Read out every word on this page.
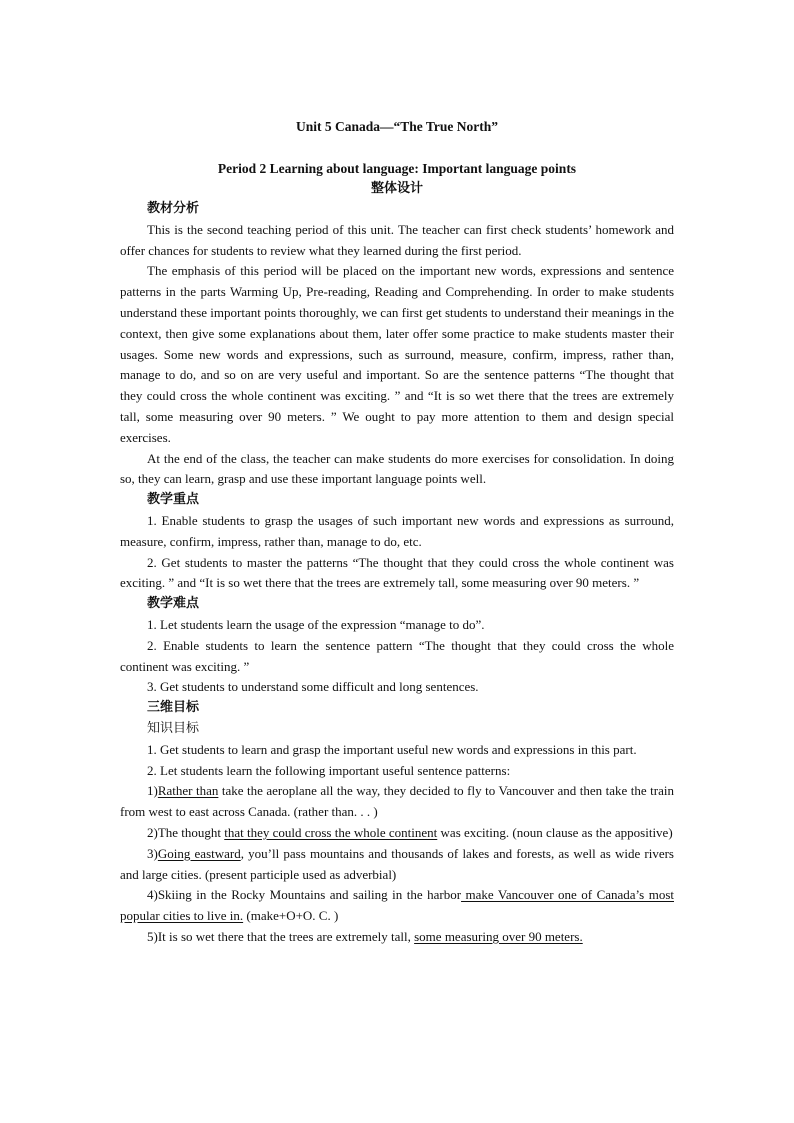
Unit 5 Canada—“The True North”
Period 2 Learning about language: Important language points
整体设计
教材分析

This is the second teaching period of this unit. The teacher can first check students’ homework and offer chances for students to review what they learned during the first period.

The emphasis of this period will be placed on the important new words, expressions and sentence patterns in the parts Warming Up, Pre-reading, Reading and Comprehending. In order to make students understand these important points thoroughly, we can first get students to understand their meanings in the context, then give some explanations about them, later offer some practice to make students master their usages. Some new words and expressions, such as surround, measure, confirm, impress, rather than, manage to do, and so on are very useful and important. So are the sentence patterns “The thought that they could cross the whole continent was exciting. ” and “It is so wet there that the trees are extremely tall, some measuring over 90 meters. ” We ought to pay more attention to them and design special exercises.

At the end of the class, the teacher can make students do more exercises for consolidation. In doing so, they can learn, grasp and use these important language points well.

教学重点

1. Enable students to grasp the usages of such important new words and expressions as surround, measure, confirm, impress, rather than, manage to do, etc.

2. Get students to master the patterns “The thought that they could cross the whole continent was exciting. ” and “It is so wet there that the trees are extremely tall, some measuring over 90 meters. ”

教学难点

1. Let students learn the usage of the expression “manage to do”.

2. Enable students to learn the sentence pattern “The thought that they could cross the whole continent was exciting. ”

3. Get students to understand some difficult and long sentences.

三维目标
知识目标

1. Get students to learn and grasp the important useful new words and expressions in this part.

2. Let students learn the following important useful sentence patterns:

1)Rather than take the aeroplane all the way, they decided to fly to Vancouver and then take the train from west to east across Canada. (rather than. . . )

2)The thought that they could cross the whole continent was exciting. (noun clause as the appositive)

3)Going eastward, you’ll pass mountains and thousands of lakes and forests, as well as wide rivers and large cities. (present participle used as adverbial)

4)Skiing in the Rocky Mountains and sailing in the harbor make Vancouver one of Canada’s most popular cities to live in. (make+O+O. C. )

5)It is so wet there that the trees are extremely tall, some measuring over 90 meters.
